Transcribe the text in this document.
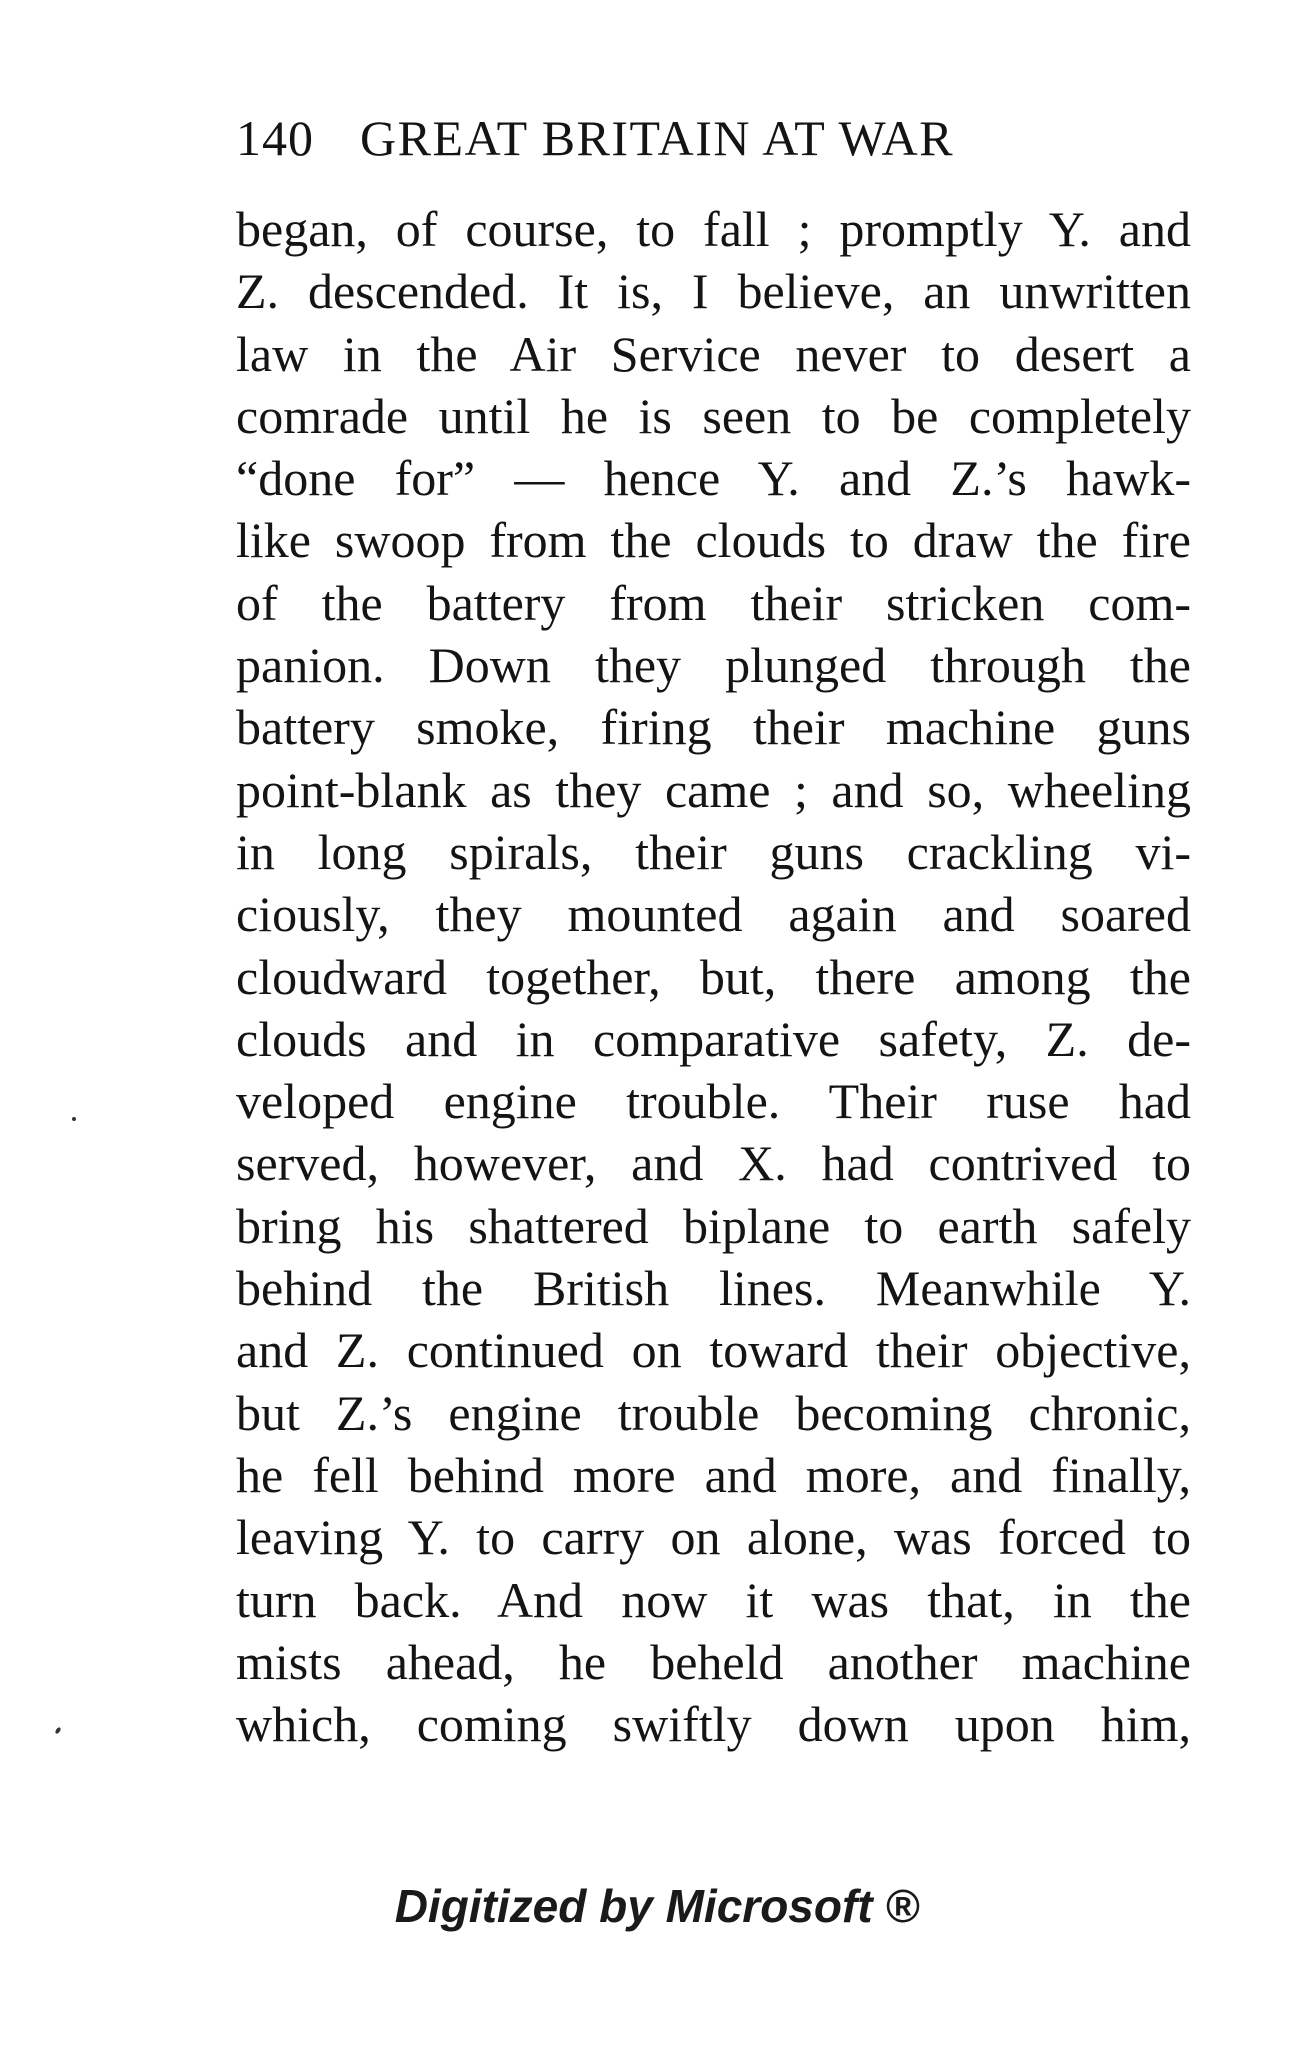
140 GREAT BRITAIN AT WAR
began, of course, to fall ; promptly Y. and
Z. descended. It is, I believe, an unwritten
law in the Air Service never to desert a
comrade until he is seen to be completely
“done for” — hence Y. and Z.’s hawk-
like swoop from the clouds to draw the fire
of the battery from their stricken com-
panion. Down they plunged through the
battery smoke, firing their machine guns
point-blank as they came ; and so, wheeling
in long spirals, their guns crackling vi-
ciously, they mounted again and soared
cloudward together, but, there among the
clouds and in comparative safety, Z. de-
veloped engine trouble. Their ruse had
served, however, and X. had contrived to
bring his shattered biplane to earth safely
behind the British lines. Meanwhile Y.
and Z. continued on toward their objective,
but Z.’s engine trouble becoming chronic,
he fell behind more and more, and finally,
leaving Y. to carry on alone, was forced to
turn back. And now it was that, in the
mists ahead, he beheld another machine
which, coming swiftly down upon him,
Digitized by Microsoft ®
